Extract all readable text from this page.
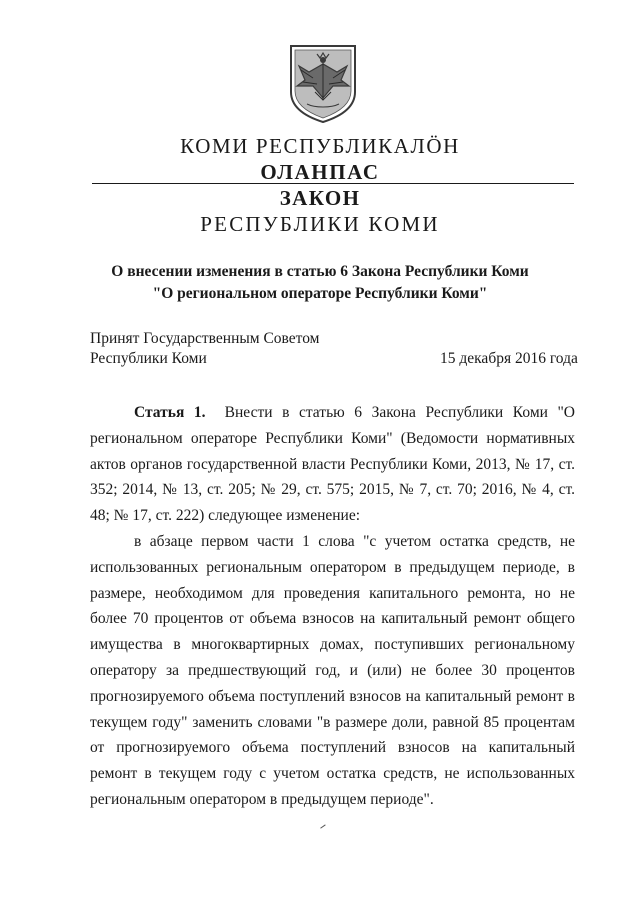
КОМИ РЕСПУБЛИКАЛÖН
ОЛАНПАС
ЗАКОН
РЕСПУБЛИКИ КОМИ
О внесении изменения в статью 6 Закона Республики Коми
"О региональном операторе Республики Коми"
Принят Государственным Советом
Республики Коми	15 декабря 2016 года

Статья 1. Внести в статью 6 Закона Республики Коми "О региональном операторе Республики Коми" (Ведомости нормативных актов органов государственной власти Республики Коми, 2013, № 17, ст. 352; 2014, № 13, ст. 205; № 29, ст. 575; 2015, № 7, ст. 70; 2016, № 4, ст. 48; № 17, ст. 222) следующее изменение:

в абзаце первом части 1 слова "с учетом остатка средств, не использованных региональным оператором в предыдущем периоде, в размере, необходимом для проведения капитального ремонта, но не более 70 процентов от объема взносов на капитальный ремонт общего имущества в многоквартирных домах, поступивших региональному оператору за предшествующий год, и (или) не более 30 процентов прогнозируемого объема поступлений взносов на капитальный ремонт в текущем году" заменить словами "в размере доли, равной 85 процентам от прогнозируемого объема поступлений взносов на капитальный ремонт в текущем году с учетом остатка средств, не использованных региональным оператором в предыдущем периоде".
